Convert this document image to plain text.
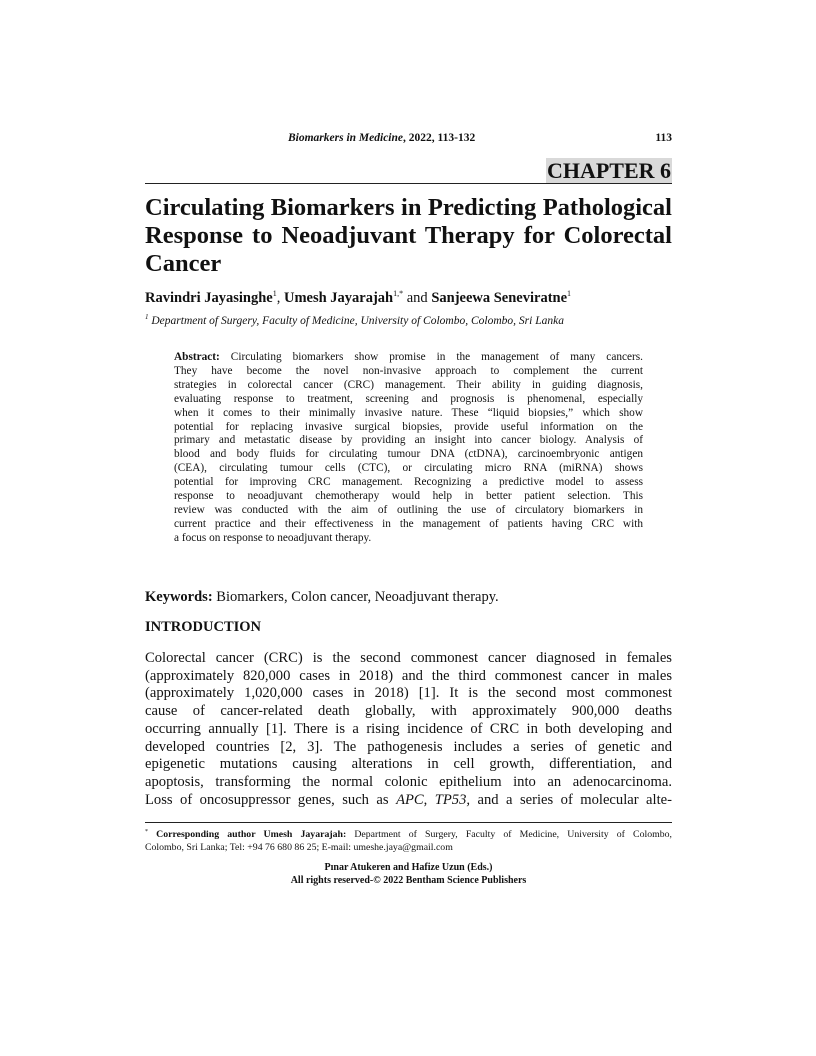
Biomarkers in Medicine, 2022, 113-132	113
CHAPTER 6
Circulating Biomarkers in Predicting Pathological
Response to Neoadjuvant Therapy for Colorectal
Cancer
Ravindri Jayasinghe$^1$, Umesh Jayarajah$^{1,*}$ and Sanjeewa Seneviratne$^1$
$^1$ Department of Surgery, Faculty of Medicine, University of Colombo, Colombo, Sri Lanka
Abstract: Circulating biomarkers show promise in the management of many cancers.
They have become the novel non-invasive approach to complement the current
strategies in colorectal cancer (CRC) management. Their ability in guiding diagnosis,
evaluating response to treatment, screening and prognosis is phenomenal, especially
when it comes to their minimally invasive nature. These “liquid biopsies,” which show
potential for replacing invasive surgical biopsies, provide useful information on the
primary and metastatic disease by providing an insight into cancer biology. Analysis of
blood and body fluids for circulating tumour DNA (ctDNA), carcinoembryonic antigen
(CEA), circulating tumour cells (CTC), or circulating micro RNA (miRNA) shows
potential for improving CRC management. Recognizing a predictive model to assess
response to neoadjuvant chemotherapy would help in better patient selection. This
review was conducted with the aim of outlining the use of circulatory biomarkers in
current practice and their effectiveness in the management of patients having CRC with
a focus on response to neoadjuvant therapy.
Keywords: Biomarkers, Colon cancer, Neoadjuvant therapy.
INTRODUCTION
Colorectal cancer (CRC) is the second commonest cancer diagnosed in females
(approximately 820,000 cases in 2018) and the third commonest cancer in males
(approximately 1,020,000 cases in 2018) [1]. It is the second most commonest
cause of cancer-related death globally, with approximately 900,000 deaths
occurring annually [1]. There is a rising incidence of CRC in both developing and
developed countries [2, 3]. The pathogenesis includes a series of genetic and
epigenetic mutations causing alterations in cell growth, differentiation, and
apoptosis, transforming the normal colonic epithelium into an adenocarcinoma.
Loss of oncosuppressor genes, such as APC, TP53, and a series of molecular alte-
* Corresponding author Umesh Jayarajah: Department of Surgery, Faculty of Medicine, University of Colombo,
Colombo, Sri Lanka; Tel: +94 76 680 86 25; E-mail: umeshe.jaya@gmail.com
Pınar Atukeren and Hafize Uzun (Eds.)
All rights reserved-© 2022 Bentham Science Publishers
